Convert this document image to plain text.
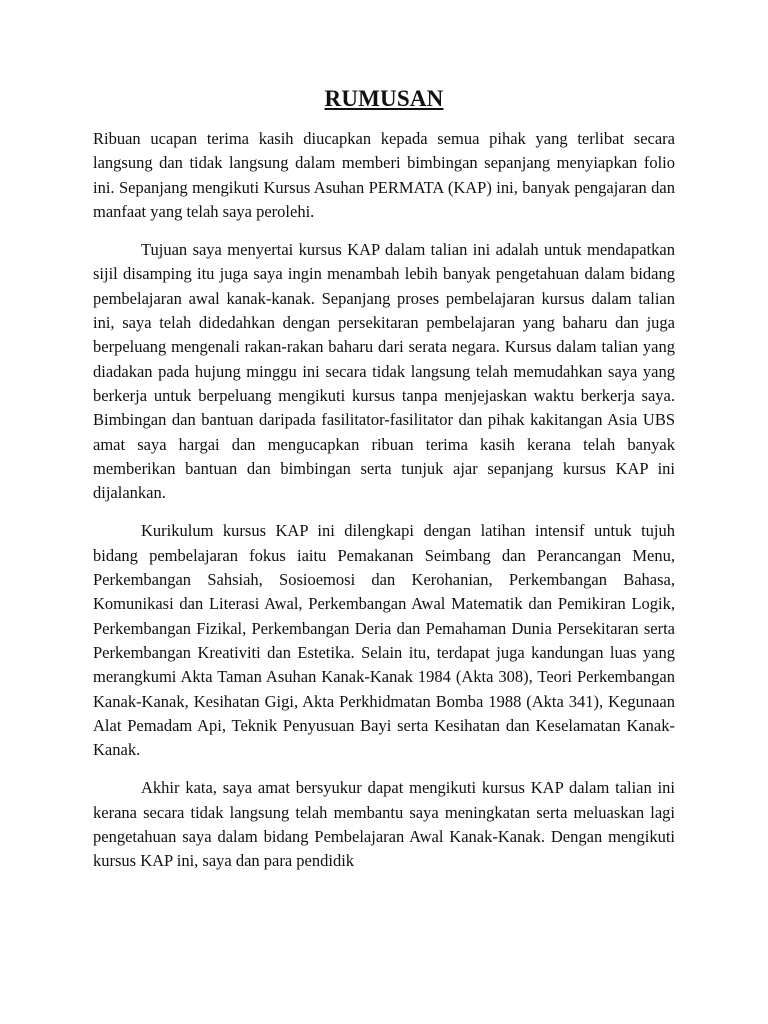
RUMUSAN

Ribuan ucapan terima kasih diucapkan kepada semua pihak yang terlibat secara langsung dan tidak langsung dalam memberi bimbingan sepanjang menyiapkan folio ini. Sepanjang mengikuti Kursus Asuhan PERMATA (KAP) ini, banyak pengajaran dan manfaat yang telah saya perolehi.

Tujuan saya menyertai kursus KAP dalam talian ini adalah untuk mendapatkan sijil disamping itu juga saya ingin menambah lebih banyak pengetahuan dalam bidang pembelajaran awal kanak-kanak. Sepanjang proses pembelajaran kursus dalam talian ini, saya telah didedahkan dengan persekitaran pembelajaran yang baharu dan juga berpeluang mengenali rakan-rakan baharu dari serata negara. Kursus dalam talian yang diadakan pada hujung minggu ini secara tidak langsung telah memudahkan saya yang berkerja untuk berpeluang mengikuti kursus tanpa menjejaskan waktu berkerja saya. Bimbingan dan bantuan daripada fasilitator-fasilitator dan pihak kakitangan Asia UBS amat saya hargai dan mengucapkan ribuan terima kasih kerana telah banyak memberikan bantuan dan bimbingan serta tunjuk ajar sepanjang kursus KAP ini dijalankan.

Kurikulum kursus KAP ini dilengkapi dengan latihan intensif untuk tujuh bidang pembelajaran fokus iaitu Pemakanan Seimbang dan Perancangan Menu, Perkembangan Sahsiah, Sosioemosi dan Kerohanian, Perkembangan Bahasa, Komunikasi dan Literasi Awal, Perkembangan Awal Matematik dan Pemikiran Logik, Perkembangan Fizikal, Perkembangan Deria dan Pemahaman Dunia Persekitaran serta Perkembangan Kreativiti dan Estetika. Selain itu, terdapat juga kandungan luas yang merangkumi Akta Taman Asuhan Kanak-Kanak 1984 (Akta 308), Teori Perkembangan Kanak-Kanak, Kesihatan Gigi, Akta Perkhidmatan Bomba 1988 (Akta 341), Kegunaan Alat Pemadam Api, Teknik Penyusuan Bayi serta Kesihatan dan Keselamatan Kanak-Kanak.

Akhir kata, saya amat bersyukur dapat mengikuti kursus KAP dalam talian ini kerana secara tidak langsung telah membantu saya meningkatan serta meluaskan lagi pengetahuan saya dalam bidang Pembelajaran Awal Kanak-Kanak. Dengan mengikuti kursus KAP ini, saya dan para pendidik
